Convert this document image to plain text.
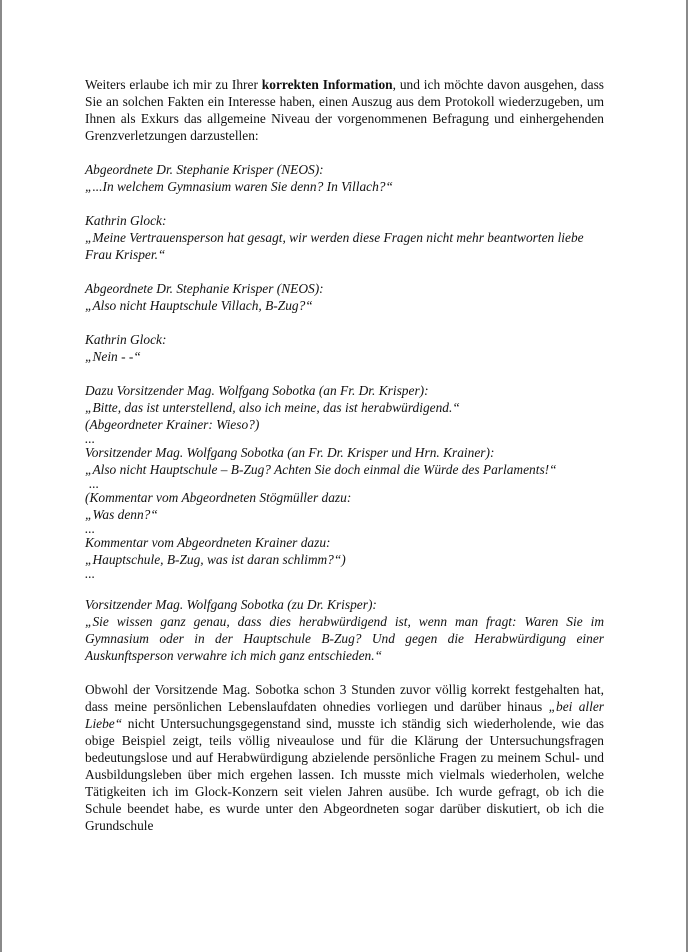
Weiters erlaube ich mir zu Ihrer korrekten Information, und ich möchte davon ausgehen, dass Sie an solchen Fakten ein Interesse haben, einen Auszug aus dem Protokoll wiederzugeben, um Ihnen als Exkurs das allgemeine Niveau der vorgenommenen Befragung und einhergehenden Grenzverletzungen darzustellen:

Abgeordnete Dr. Stephanie Krisper (NEOS):

„...In welchem Gymnasium waren Sie denn? In Villach?“

Kathrin Glock:

„Meine Vertrauensperson hat gesagt, wir werden diese Fragen nicht mehr beantworten liebe Frau Krisper.“

Abgeordnete Dr. Stephanie Krisper (NEOS):

„Also nicht Hauptschule Villach, B-Zug?“

Kathrin Glock:

„Nein - -“

Dazu Vorsitzender Mag. Wolfgang Sobotka (an Fr. Dr. Krisper):

„Bitte, das ist unterstellend, also ich meine, das ist herabwürdigend.“

(Abgeordneter Krainer: Wieso?)

...

Vorsitzender Mag. Wolfgang Sobotka (an Fr. Dr. Krisper und Hrn. Krainer):

„Also nicht Hauptschule – B-Zug? Achten Sie doch einmal die Würde des Parlaments!“

...

(Kommentar vom Abgeordneten Stögmüller dazu:

„Was denn?“

...

Kommentar vom Abgeordneten Krainer dazu:

„Hauptschule, B-Zug, was ist daran schlimm?“)

...

Vorsitzender Mag. Wolfgang Sobotka (zu Dr. Krisper):

„Sie wissen ganz genau, dass dies herabwürdigend ist, wenn man fragt: Waren Sie im Gymnasium oder in der Hauptschule B-Zug? Und gegen die Herabwürdigung einer Auskunftsperson verwahre ich mich ganz entschieden.“

Obwohl der Vorsitzende Mag. Sobotka schon 3 Stunden zuvor völlig korrekt festgehalten hat, dass meine persönlichen Lebenslaufdaten ohnedies vorliegen und darüber hinaus „bei aller Liebe“ nicht Untersuchungsgegenstand sind, musste ich ständig sich wiederholende, wie das obige Beispiel zeigt, teils völlig niveaulose und für die Klärung der Untersuchungsfragen bedeutungslose und auf Herabwürdigung abzielende persönliche Fragen zu meinem Schul- und Ausbildungsleben über mich ergehen lassen. Ich musste mich vielmals wiederholen, welche Tätigkeiten ich im Glock-Konzern seit vielen Jahren ausübe. Ich wurde gefragt, ob ich die Schule beendet habe, es wurde unter den Abgeordneten sogar darüber diskutiert, ob ich die Grundschule
